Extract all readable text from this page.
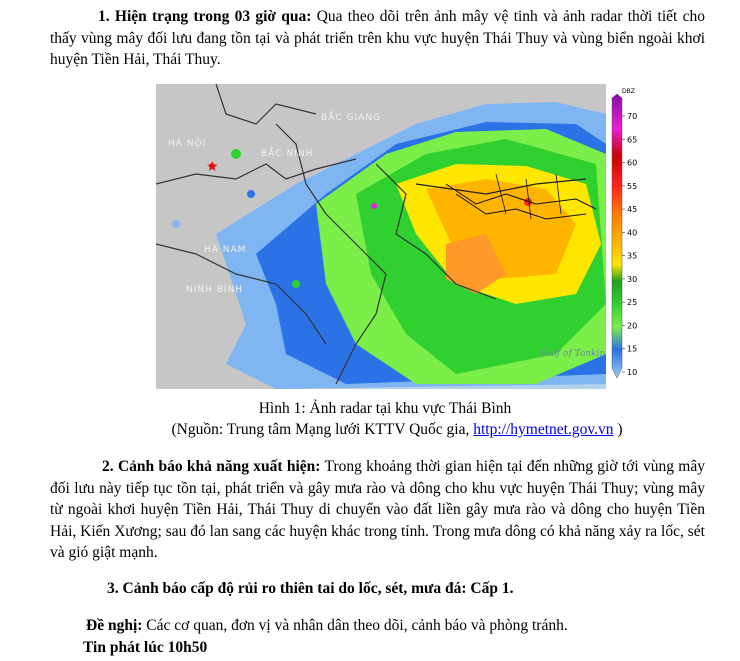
1. Hiện trạng trong 03 giờ qua: Qua theo dõi trên ảnh mây vệ tinh và ảnh radar thời tiết cho thấy vùng mây đối lưu đang tồn tại và phát triển trên khu vực huyện Thái Thuy và vùng biển ngoài khơi huyện Tiền Hải, Thái Thuy.

★
BẮC GIANG
HÀ NỘI
BẮC NINH
HÀ NAM
NINH BÌNH
Gulf of Tonkin
DBZ
70
65
60
55
45
40
35
30
25
20
15
10

Hình 1: Ảnh radar tại khu vực Thái Bình

(Nguồn: Trung tâm Mạng lưới KTTV Quốc gia, http://hymetnet.gov.vn )

2. Cảnh báo khả năng xuất hiện: Trong khoảng thời gian hiện tại đến những giờ tới vùng mây đối lưu này tiếp tục tồn tại, phát triển và gây mưa rào và dông cho khu vực huyện Thái Thuy; vùng mây từ ngoài khơi huyện Tiền Hải, Thái Thuy di chuyển vào đất liền gây mưa rào và dông cho huyện Tiền Hải, Kiến Xương; sau đó lan sang các huyện khác trong tỉnh. Trong mưa dông có khả năng xảy ra lốc, sét và gió giật mạnh.

3. Cảnh báo cấp độ rủi ro thiên tai do lốc, sét, mưa đá: Cấp 1.

Đề nghị: Các cơ quan, đơn vị và nhân dân theo dõi, cảnh báo và phòng tránh.

Tin phát lúc 10h50
